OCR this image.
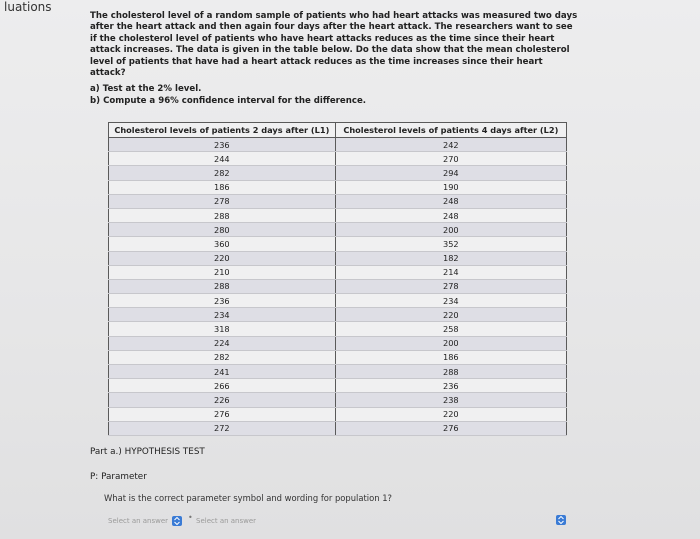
luations
The cholesterol level of a random sample of patients who had heart attacks was measured two days after the heart attack and then again four days after the heart attack. The researchers want to see if the cholesterol level of patients who have heart attacks reduces as the time since their heart attack increases. The data is given in the table below. Do the data show that the mean cholesterol level of patients that have had a heart attack reduces as the time increases since their heart attack?
a) Test at the 2% level.
b) Compute a 96% confidence interval for the difference.
Cholesterol levels of patients 2 days after (L1)	Cholesterol levels of patients 4 days after (L2)
236	242
244	270
282	294
186	190
278	248
288	248
280	200
360	352
220	182
210	214
288	278
236	234
234	220
318	258
224	200
282	186
241	288
266	236
226	238
276	220
272	276
Part a.) HYPOTHESIS TEST
P: Parameter
What is the correct parameter symbol and wording for population 1?
Select an answer	• Select an answer
